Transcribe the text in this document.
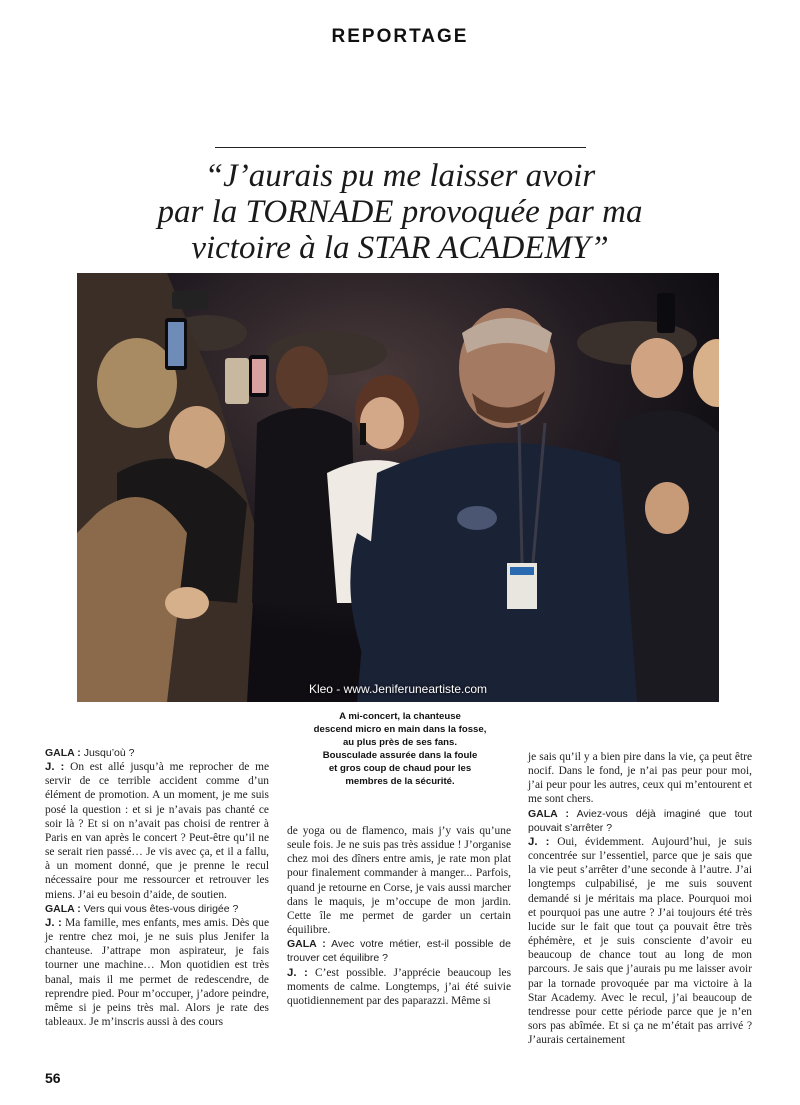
REPORTAGE
“J’aurais pu me laisser avoir
par la TORNADE provoquée par ma
victoire à la STAR ACADEMY”
Kleo - www.Jeniferuneartiste.com
A mi-concert, la chanteuse
descend micro en main dans la fosse,
au plus près de ses fans.
Bousculade assurée dans la foule
et gros coup de chaud pour les
membres de la sécurité.

GALA : Jusqu’où ?

J. : On est allé jusqu’à me reprocher de me servir de ce terrible accident comme d’un élément de promotion. A un moment, je me suis posé la question : et si je n’avais pas chanté ce soir là ? Et si on n’avait pas choisi de rentrer à Paris en van après le concert ? Peut-être qu’il ne se serait rien passé… Je vis avec ça, et il a fallu, à un moment donné, que je prenne le recul nécessaire pour me ressourcer et retrouver les miens. J’ai eu besoin d’aide, de soutien.

GALA : Vers qui vous êtes-vous dirigée ?

J. : Ma famille, mes enfants, mes amis. Dès que je rentre chez moi, je ne suis plus Jenifer la chanteuse. J’attrape mon aspirateur, je fais tourner une machine… Mon quotidien est très banal, mais il me permet de redescendre, de reprendre pied. Pour m’occuper, j’adore peindre, même si je peins très mal. Alors je rate des tableaux. Je m’inscris aussi à des cours

de yoga ou de flamenco, mais j’y vais qu’une seule fois. Je ne suis pas très assidue ! J’organise chez moi des dîners entre amis, je rate mon plat pour finalement commander à manger... Parfois, quand je retourne en Corse, je vais aussi marcher dans le maquis, je m’occupe de mon jardin. Cette île me permet de garder un certain équilibre.

GALA : Avec votre métier, est-il possible de trouver cet équilibre ?

J. : C’est possible. J’apprécie beaucoup les moments de calme. Longtemps, j’ai été suivie quotidiennement par des paparazzi. Même si

je sais qu’il y a bien pire dans la vie, ça peut être nocif. Dans le fond, je n’ai pas peur pour moi, j’ai peur pour les autres, ceux qui m’entourent et me sont chers.

GALA : Aviez-vous déjà imaginé que tout pouvait s’arrêter ?

J. : Oui, évidemment. Aujourd’hui, je suis concentrée sur l’essentiel, parce que je sais que la vie peut s’arrêter d’une seconde à l’autre. J’ai longtemps culpabilisé, je me suis souvent demandé si je méritais ma place. Pourquoi moi et pourquoi pas une autre ? J’ai toujours été très lucide sur le fait que tout ça pouvait être très éphémère, et je suis consciente d’avoir eu beaucoup de chance tout au long de mon parcours. Je sais que j’aurais pu me laisser avoir par la tornade provoquée par ma victoire à la Star Academy. Avec le recul, j’ai beaucoup de tendresse pour cette période parce que je n’en sors pas abîmée. Et si ça ne m’était pas arrivé ? J’aurais certainement

56
